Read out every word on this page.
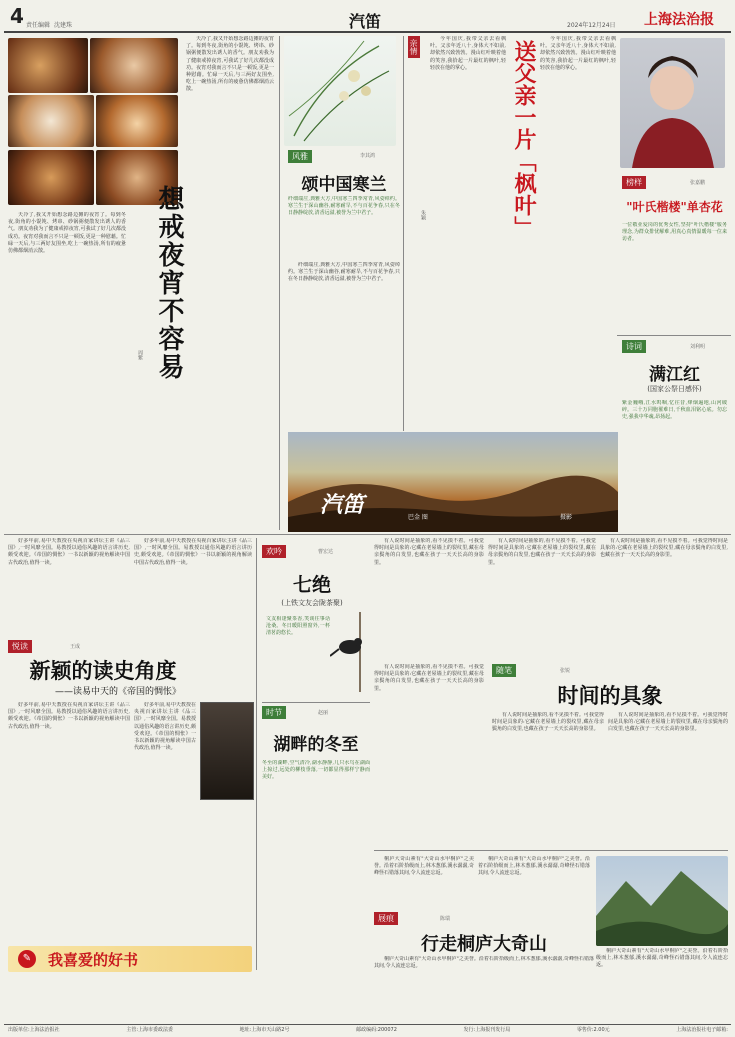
4 责任编辑 沈建珠	汽笛	2024年12月24日 上海法治报
天冷了,我又开始想念路边摊的夜宵了。每到冬夜,街角的小馄饨、烤串、砂锅粥便散发出诱人的香气。朋友劝我为了健康戒掉夜宵,可我试了好几次都没成功。夜宵对我而言不只是一顿饭,更是一种慰藉。忙碌一天后,与三两好友围坐,吃上一碗热汤,所有的疲惫仿佛都烟消云散。	想戒夜宵不容易
周紫
天冷了,我又开始想念路边摊的夜宵了。每到冬夜,街角的小馄饨、烤串、砂锅粥便散发出诱人的香气。朋友劝我为了健康戒掉夜宵,可我试了好几次都没成功。夜宵对我而言不只是一顿饭,更是一种慰藉。忙碌一天后,与三两好友围坐,吃上一碗热汤,所有的疲惫仿佛都烟消云散。
风雅	李其鸿
颂中国寒兰
纤细端庄,典雅大方,中国寒兰四季常青,风姿绰约。寒兰生于深山幽谷,耐寒耐旱,不与百花争春,只在冬日静静绽放,清香远溢,被誉为兰中君子。
纤细端庄,典雅大方,中国寒兰四季常青,风姿绰约。寒兰生于深山幽谷,耐寒耐旱,不与百花争春,只在冬日静静绽放,清香远溢,被誉为兰中君子。
亲情	今年国庆,我带父亲去看枫叶。父亲年近八十,身体大不如前,却依然兴致勃勃。漫山红叶映着他的笑容,我拾起一片最红的枫叶,轻轻放在他的掌心。
朱颖	送父亲一片「枫叶」
今年国庆,我带父亲去看枫叶。父亲年近八十,身体大不如前,却依然兴致勃勃。漫山红叶映着他的笑容,我拾起一片最红的枫叶,轻轻放在他的掌心。
榜样	张嘉鹏
"叶氏楷楼"单杏花
一位敬业爱岗的优秀女性,坚持"叶氏楷楼"服务理念,为群众排忧解难,用真心真情温暖每一位来访者。
诗词	刘利明
满江红
(国家公祭日感怀)
紫金巍峨,江水呜咽,忆往昔,烽烟遍地,山河破碎。三十万同胞罹难日,千秋血泪铭心底。勿忘史,强我中华魂,昂扬起。
汽笛	巴金 图	摄影
好多年前,易中天教授在央视百家讲坛主讲《品三国》,一时风靡全国。易教授以通俗风趣的语言讲历史,颇受欢迎。《帝国的惆怅》一书以新颖的视角解读中国古代政治,值得一读。
好多年前,易中天教授在央视百家讲坛主讲《品三国》,一时风靡全国。易教授以通俗风趣的语言讲历史,颇受欢迎。《帝国的惆怅》一书以新颖的视角解读中国古代政治,值得一读。
悦读	王成
新颖的读史角度
——读易中天的《帝国的惆怅》
好多年前,易中天教授在央视百家讲坛主讲《品三国》,一时风靡全国。易教授以通俗风趣的语言讲历史,颇受欢迎。《帝国的惆怅》一书以新颖的视角解读中国古代政治,值得一读。
好多年前,易中天教授在央视百家讲坛主讲《品三国》,一时风靡全国。易教授以通俗风趣的语言讲历史,颇受欢迎。《帝国的惆怅》一书以新颖的视角解读中国古代政治,值得一读。
✎	我喜爱的好书
欢吟	曹宏达
七绝
(上铁文友会陇茶聚)
文友相逢聚茶香,笑谈往事话沧桑。冬日暖阳照窗外,一杯清茗韵悠长。
时节	赵丽
湖畔的冬至
冬至的湖畔,空气清冷,湖水静静,几只水鸟在湖面上掠过,远处的柳枝垂落,一切都显得那样宁静而美好。
有人说时间是抽象的,看不见摸不着。可我觉得时间是具象的:它藏在老屋墙上的裂纹里,藏在母亲鬓角的白发里,也藏在孩子一天天长高的身影里。
有人说时间是抽象的,看不见摸不着。可我觉得时间是具象的:它藏在老屋墙上的裂纹里,藏在母亲鬓角的白发里,也藏在孩子一天天长高的身影里。
有人说时间是抽象的,看不见摸不着。可我觉得时间是具象的:它藏在老屋墙上的裂纹里,藏在母亲鬓角的白发里,也藏在孩子一天天长高的身影里。
有人说时间是抽象的,看不见摸不着。可我觉得时间是具象的:它藏在老屋墙上的裂纹里,藏在母亲鬓角的白发里,也藏在孩子一天天长高的身影里。
随笔	张锐
时间的具象
有人说时间是抽象的,看不见摸不着。可我觉得时间是具象的:它藏在老屋墙上的裂纹里,藏在母亲鬓角的白发里,也藏在孩子一天天长高的身影里。
有人说时间是抽象的,看不见摸不着。可我觉得时间是具象的:它藏在老屋墙上的裂纹里,藏在母亲鬓角的白发里,也藏在孩子一天天长高的身影里。
桐庐大奇山素有"大奇山水甲桐庐"之美誉。沿着石阶拾级而上,林木葱郁,溪水潺潺,奇峰怪石错落其间,令人流连忘返。
屐痕	陈瑞
行走桐庐大奇山
桐庐大奇山素有"大奇山水甲桐庐"之美誉。沿着石阶拾级而上,林木葱郁,溪水潺潺,奇峰怪石错落其间,令人流连忘返。
桐庐大奇山素有"大奇山水甲桐庐"之美誉。沿着石阶拾级而上,林木葱郁,溪水潺潺,奇峰怪石错落其间,令人流连忘返。
桐庐大奇山素有"大奇山水甲桐庐"之美誉。沿着石阶拾级而上,林木葱郁,溪水潺潺,奇峰怪石错落其间,令人流连忘返。
出版单位:上海法治报社	主管:上海市委政法委	地址:上海市天山路2号	邮政编码:200072	发行:上海报刊发行局	零售价:2.00元	上海法治报社电子邮箱:
